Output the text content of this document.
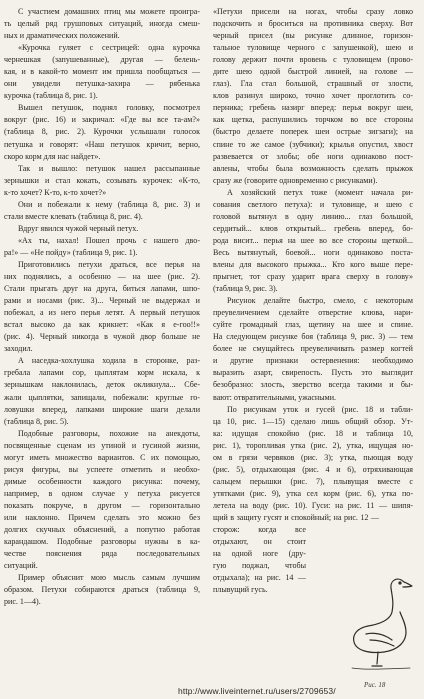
С участием домашних птиц мы можете проигра-
ть целый ряд грушповых ситуаций, иногда смеш-
ных и драматических положений.
«Курочка гуляет с сестрицей: одна курочка
чернешкая (запушеванные), другая — белень-
кая, и в какой-то момент им пришла пообщаться —
они увидели петушка-захира — рябенька
курочка (таблица 8, рис. 1).
Вышел петушок, поднял головку, посмотрел
вокруг (рис. 16) и закричал: «Где вы все та-ам?»
(таблица 8, рис. 2). Курочки услышали голосок
петушка и говорят: «Наш петушок кричит, верно,
скоро корм для нас найдет».
Так и вышло: петушок нашел рассыпанные
зернышки и стал кокать, созывать курочек: «К-то,
к-то хочет? К-то, к-то хочет?»
Они и побежали к нему (таблица 8, рис. 3) и
стали вместе клевать (таблица 8, рис. 4).
Вдруг явился чужой черный петух.
«Ах ты, нахал! Пошел прочь с нашего дво-
ра!» — «Не пойду» (таблица 9, рис. 1).
Приготовились петухи драться, все перья на
них поднялись, а особенно — на шее (рис. 2).
Стали прыгать друг на друга, биться лапами, шпо-
рами и носами (рис. 3)... Черный не выдержал и
побежал, а из него перья летят. А первый петушок
встал высоко да как крикнет: «Как я е-гоо!!»
(рис. 4). Черный никогда в чужой двор больше не
заходил.
А наседка-хохлушка ходила в сторонке, раз-
гребала лапами сор, цыплятам корм искала, к
зернышкам наклонилась, деток окликнула... Сбе-
жали цыплятки, запищали, побежали: круглые го-
ловушки вперед, лапками широкие шаги делали
(таблица 8, рис. 5).
Подобные разговоры, похожие на анекдоты,
посвященные сценам из утиной и гусиной жизни,
могут иметь множество вариантов. С их помощью,
рисуя фигуры, вы успеете отметить и необхо-
димые особенности каждого рисунка: почему,
например, в одном случае у петуха рисуется
показать покруче, в другом — горизонтально
или наклонно. Причем сделать это можно без
долгих скучных объяснений, а попутно работая
карандашом. Подобные разговоры нужны в ка-
честве пояснения ряда последовательных
ситуаций.
Пример объяснит мою мысль самым лучшим
образом. Петухи собираются драться (таблица 9,
рис. 1—4).
«Петухи присели на ногах, чтобы сразу ловко
подскочить и броситься на противника сверху. Вот
черный присел (вы рисунке длинное, горизон-
тальное туловище черного с запушенкой), шею и
голову держит почти вровень с туловищем (прово-
дите шею одной быстрой линией, на голове —
глаз). Гла стал большой, страшный от злости,
клов разинул широко, точно хочет проглотить со-
перника; гребень назирг вперед: перья вокруг шеи,
как щетка, распушились торчком во все стороны
(быстро делаете поперек шеи острые зигзаги); на
спине то же самое (зубчики); крылья опустил, хвост
развевается от злобы; обе ноги одинаково пост-
авлены, чтобы была возможность сделать прыжок
сразу же (говорите одновременно с рисунками).
А хозяйский петух тоже (момент начала ри-
сования светлого петуха): и туловище, и шею с
головой вытянул в одну линию... глаз большой,
сердитый... клюв открытый... гребень вперед, бо-
рода висит... перья на шее во все стороны щеткой...
Весь вытянутый, боевой... ноги одинаково поста-
влены для высокого прыжка... Кто кого выше пере-
прыгнет, тот сразу ударит врага сверху в голову»
(таблица 9, рис. 3).
Рисунок делайте быстро, смело, с некоторым
преувеличением сделайте отверстие клюва, нари-
суйте громадный глаз, щетину на шее и спине.
На следующем рисунке боя (таблица 9, рис. 3) — тем
более не смущайтесь преувеличивать размер когтей
и другие признаки остервенения: необходимо
выразить азарт, свирепость. Пусть это выглядит
безобразно: злость, зверство всегда такими и бы-
вают: отвратительными, ужасными.
По рисункам уток и гусей (рис. 18 и табли-
ца 10, рис. 1—15) сделаю лишь общий обзор. Ут-
ка: идущая спокойно (рис. 18 и таблица 10,
рис. 1), торопливая утка (рис. 2), утка, ищущая но-
ом в грязи червяков (рис. 3); утка, пьющая воду
(рис. 5), отдыхающая (рис. 4 и 6), отряхивающая
сальцем перышки (рис. 7), плывущая вместе с
утятками (рис. 9), утка сел корм (рис. 6), утка по-
летела на воду (рис. 10). Гуси: на рис. 11 — шипя-
щий в защиту гусят и спокойный; на рис. 12 —
сторож: когда все
отдыхают, он стоит
на одной ноге (дру-
гую поджал, чтобы
отдыхала); на рис. 14 —
плывущий гусь.
Рис. 18
http://www.liveinternet.ru/users/2709653/
